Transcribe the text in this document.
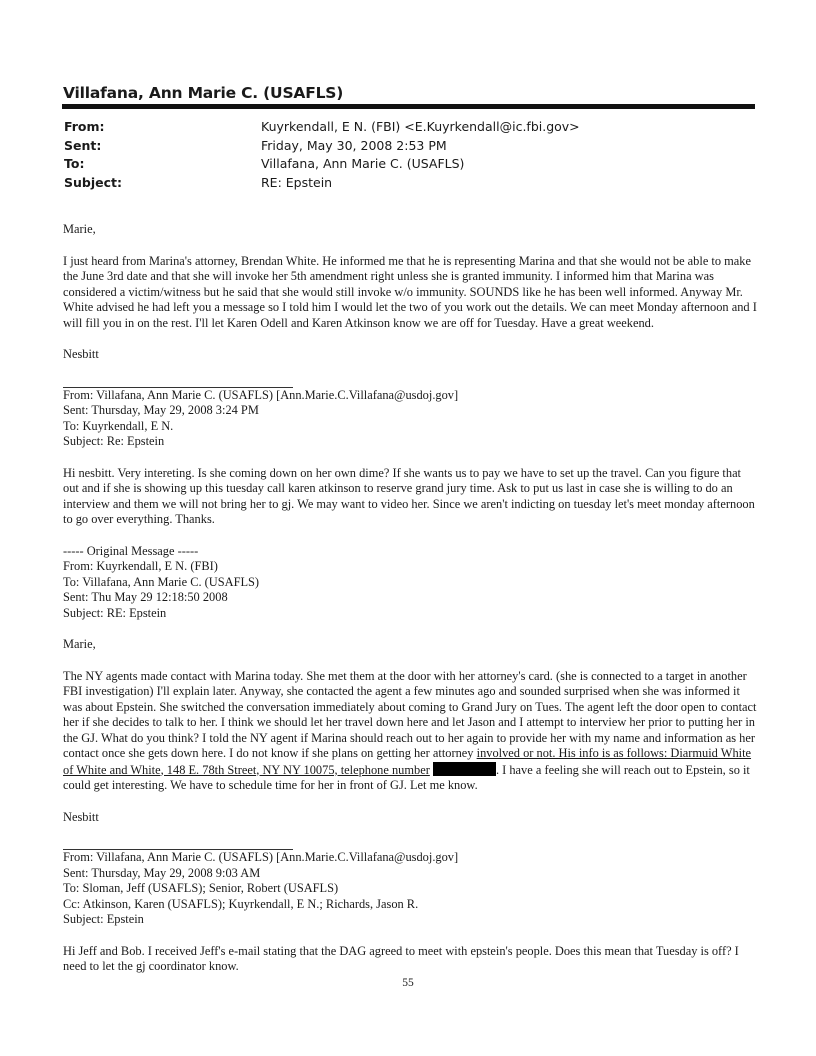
Villafana, Ann Marie C. (USAFLS)
From:	Kuyrkendall, E N. (FBI) <E.Kuyrkendall@ic.fbi.gov>
Sent:	Friday, May 30, 2008 2:53 PM
To:	Villafana, Ann Marie C. (USAFLS)
Subject:	RE: Epstein

Marie,

I just heard from Marina's attorney, Brendan White. He informed me that he is representing Marina and that she would not be able to make the June 3rd date and that she will invoke her 5th amendment right unless she is granted immunity. I informed him that Marina was considered a victim/witness but he said that she would still invoke w/o immunity. SOUNDS like he has been well informed. Anyway Mr. White advised he had left you a message so I told him I would let the two of you work out the details. We can meet Monday afternoon and I will fill you in on the rest. I'll let Karen Odell and Karen Atkinson know we are off for Tuesday. Have a great weekend.

Nesbitt

From: Villafana, Ann Marie C. (USAFLS) [Ann.Marie.C.Villafana@usdoj.gov]

Sent: Thursday, May 29, 2008 3:24 PM

To: Kuyrkendall, E N.

Subject: Re: Epstein

Hi nesbitt. Very intereting. Is she coming down on her own dime? If she wants us to pay we have to set up the travel. Can you figure that out and if she is showing up this tuesday call karen atkinson to reserve grand jury time. Ask to put us last in case she is willing to do an interview and them we will not bring her to gj. We may want to video her. Since we aren't indicting on tuesday let's meet monday afternoon to go over everything. Thanks.

----- Original Message -----

From: Kuyrkendall, E N. (FBI)

To: Villafana, Ann Marie C. (USAFLS)

Sent: Thu May 29 12:18:50 2008

Subject: RE: Epstein

Marie,

The NY agents made contact with Marina today. She met them at the door with her attorney's card. (she is connected to a target in another FBI investigation) I'll explain later. Anyway, she contacted the agent a few minutes ago and sounded surprised when she was informed it was about Epstein. She switched the conversation immediately about coming to Grand Jury on Tues. The agent left the door open to contact her if she decides to talk to her. I think we should let her travel down here and let Jason and I attempt to interview her prior to putting her in the GJ. What do you think? I told the NY agent if Marina should reach out to her again to provide her with my name and information as her contact once she gets down here. I do not know if she plans on getting her attorney involved or not. His info is as follows: Diarmuid White of White and White, 148 E. 78th Street, NY NY 10075, telephone number	. I have a feeling she will reach out to Epstein, so it could get interesting. We have to schedule time for her in front of GJ. Let me know.

Nesbitt

From: Villafana, Ann Marie C. (USAFLS) [Ann.Marie.C.Villafana@usdoj.gov]

Sent: Thursday, May 29, 2008 9:03 AM

To: Sloman, Jeff (USAFLS); Senior, Robert (USAFLS)

Cc: Atkinson, Karen (USAFLS); Kuyrkendall, E N.; Richards, Jason R.

Subject: Epstein

Hi Jeff and Bob. I received Jeff's e-mail stating that the DAG agreed to meet with epstein's people. Does this mean that Tuesday is off? I need to let the gj coordinator know.

55
